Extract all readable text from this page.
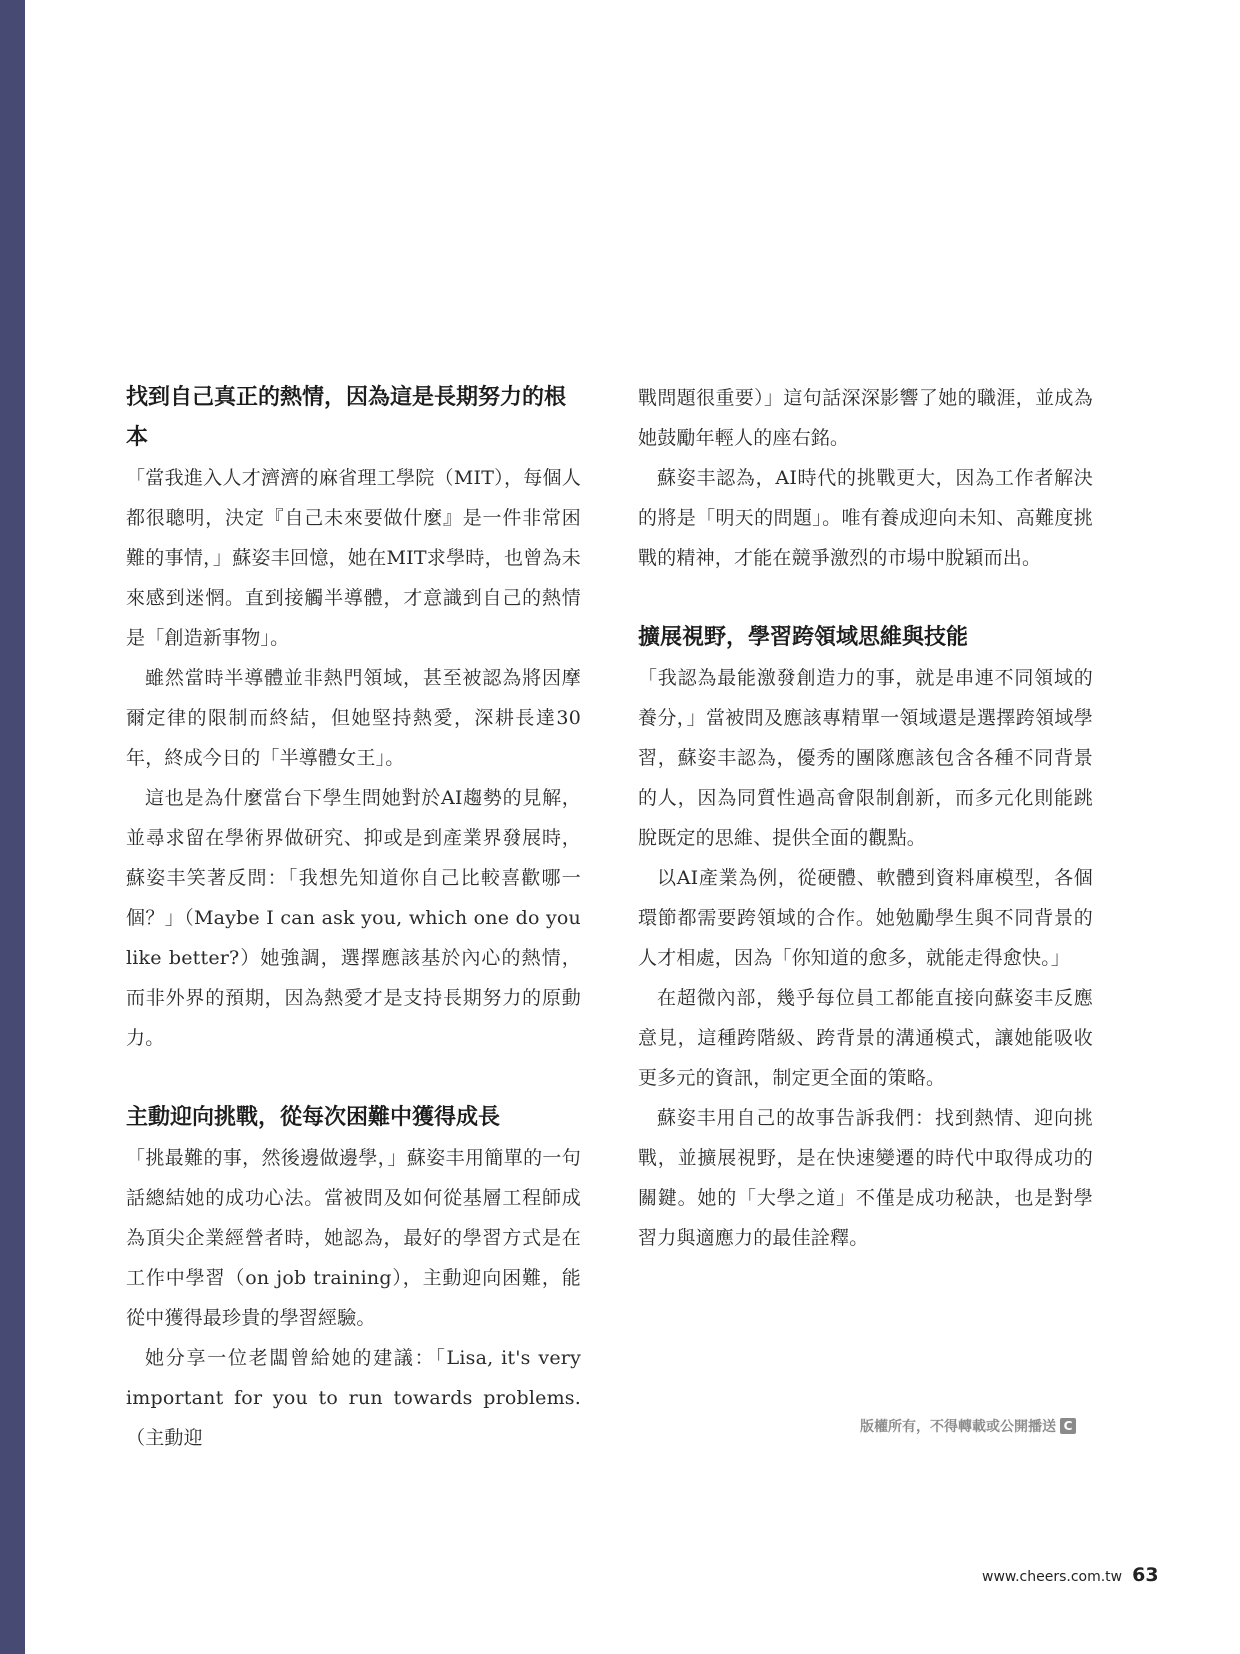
找到自己真正的熱情，因為這是長期努力的根本

「當我進入人才濟濟的麻省理工學院（MIT），每個人都很聰明，決定『自己未來要做什麼』是一件非常困難的事情，」蘇姿丰回憶，她在MIT求學時，也曾為未來感到迷惘。直到接觸半導體，才意識到自己的熱情是「創造新事物」。

雖然當時半導體並非熱門領域，甚至被認為將因摩爾定律的限制而終結，但她堅持熱愛，深耕長達30年，終成今日的「半導體女王」。

這也是為什麼當台下學生問她對於AI趨勢的見解，並尋求留在學術界做研究、抑或是到產業界發展時，蘇姿丰笑著反問：「我想先知道你自己比較喜歡哪一個？」（Maybe I can ask you, which one do you like better?）她強調，選擇應該基於內心的熱情，而非外界的預期，因為熱愛才是支持長期努力的原動力。

主動迎向挑戰，從每次困難中獲得成長

「挑最難的事，然後邊做邊學，」蘇姿丰用簡單的一句話總結她的成功心法。當被問及如何從基層工程師成為頂尖企業經營者時，她認為，最好的學習方式是在工作中學習（on job training），主動迎向困難，能從中獲得最珍貴的學習經驗。

她分享一位老闆曾給她的建議：「Lisa, it's very important for you to run towards problems.（主動迎

戰問題很重要）」這句話深深影響了她的職涯，並成為她鼓勵年輕人的座右銘。

蘇姿丰認為，AI時代的挑戰更大，因為工作者解決的將是「明天的問題」。唯有養成迎向未知、高難度挑戰的精神，才能在競爭激烈的市場中脫穎而出。

擴展視野，學習跨領域思維與技能

「我認為最能激發創造力的事，就是串連不同領域的養分，」當被問及應該專精單一領域還是選擇跨領域學習，蘇姿丰認為，優秀的團隊應該包含各種不同背景的人，因為同質性過高會限制創新，而多元化則能跳脫既定的思維、提供全面的觀點。

以AI產業為例，從硬體、軟體到資料庫模型，各個環節都需要跨領域的合作。她勉勵學生與不同背景的人才相處，因為「你知道的愈多，就能走得愈快。」

在超微內部，幾乎每位員工都能直接向蘇姿丰反應意見，這種跨階級、跨背景的溝通模式，讓她能吸收更多元的資訊，制定更全面的策略。

蘇姿丰用自己的故事告訴我們：找到熱情、迎向挑戰，並擴展視野，是在快速變遷的時代中取得成功的關鍵。她的「大學之道」不僅是成功秘訣，也是對學習力與適應力的最佳詮釋。

版權所有，不得轉載或公開播送 C
www.cheers.com.tw 63
